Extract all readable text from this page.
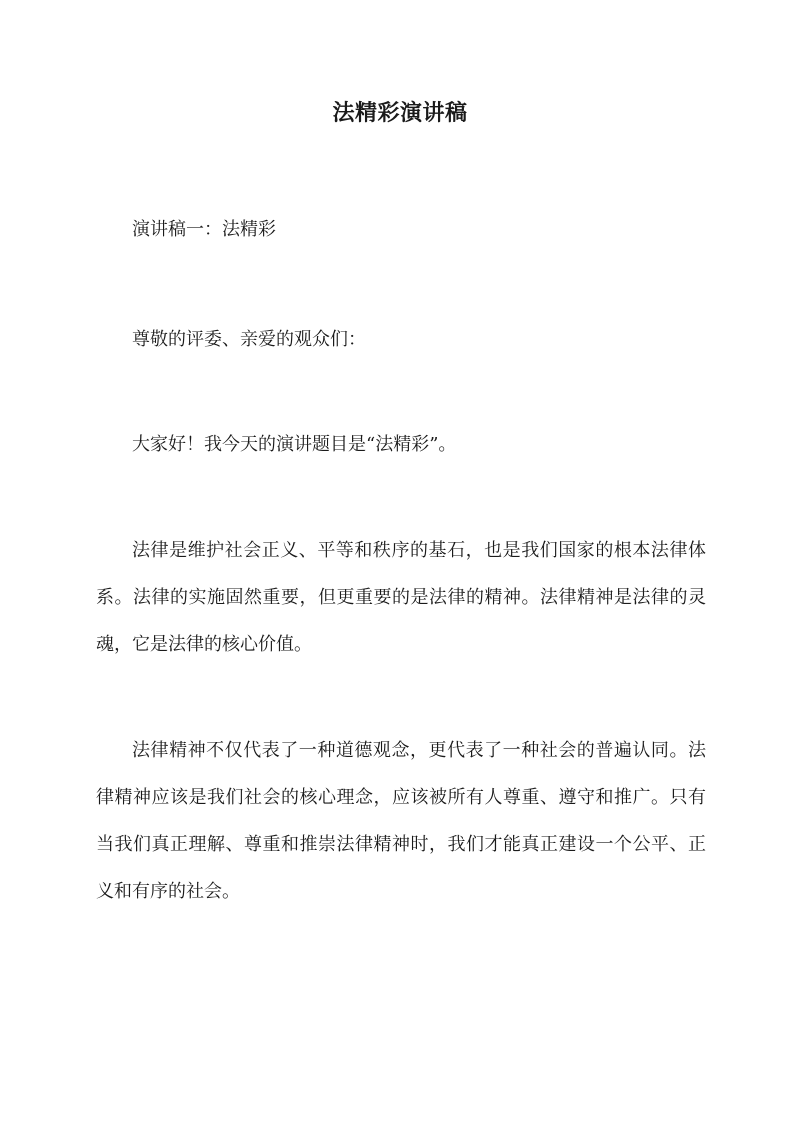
法精彩演讲稿

演讲稿一：法精彩

尊敬的评委、亲爱的观众们：

大家好！我今天的演讲题目是“法精彩”。

法律是维护社会正义、平等和秩序的基石，也是我们国家的根本法律体系。法律的实施固然重要，但更重要的是法律的精神。法律精神是法律的灵魂，它是法律的核心价值。

法律精神不仅代表了一种道德观念，更代表了一种社会的普遍认同。法律精神应该是我们社会的核心理念，应该被所有人尊重、遵守和推广。只有当我们真正理解、尊重和推崇法律精神时，我们才能真正建设一个公平、正义和有序的社会。
